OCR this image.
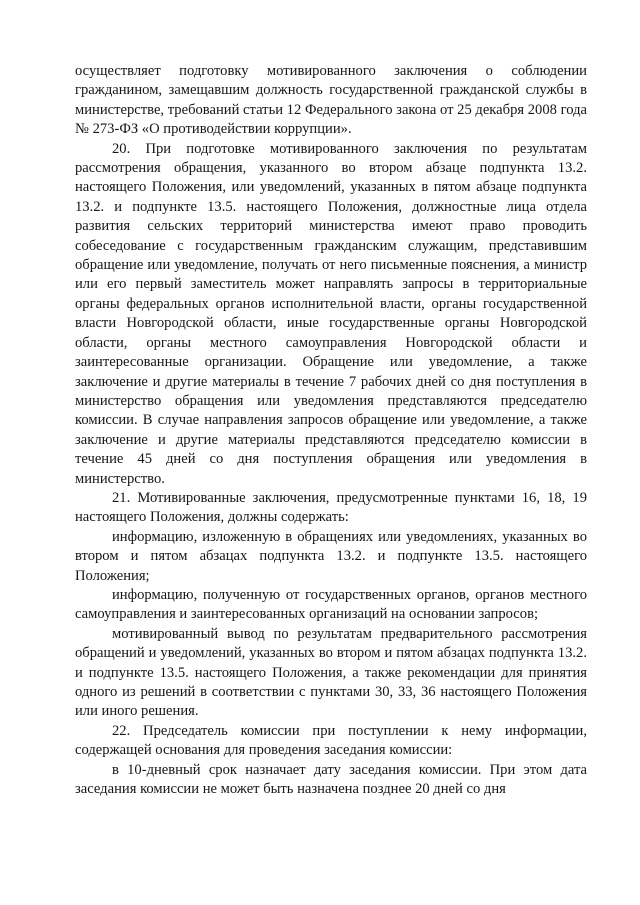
осуществляет подготовку мотивированного заключения о соблюдении гражданином, замещавшим должность государственной гражданской службы в министерстве, требований статьи 12 Федерального закона от 25 декабря 2008 года № 273-ФЗ «О противодействии коррупции».

20. При подготовке мотивированного заключения по результатам рассмотрения обращения, указанного во втором абзаце подпункта 13.2. настоящего Положения, или уведомлений, указанных в пятом абзаце подпункта 13.2. и подпункте 13.5. настоящего Положения, должностные лица отдела развития сельских территорий министерства имеют право проводить собеседование с государственным гражданским служащим, представившим обращение или уведомление, получать от него письменные пояснения, а министр или его первый заместитель может направлять запросы в территориальные органы федеральных органов исполнительной власти, органы государственной власти Новгородской области, иные государственные органы Новгородской области, органы местного самоуправления Новгородской области и заинтересованные организации. Обращение или уведомление, а также заключение и другие материалы в течение 7 рабочих дней со дня поступления в министерство обращения или уведомления представляются председателю комиссии. В случае направления запросов обращение или уведомление, а также заключение и другие материалы представляются председателю комиссии в течение 45 дней со дня поступления обращения или уведомления в министерство.

21. Мотивированные заключения, предусмотренные пунктами 16, 18, 19 настоящего Положения, должны содержать:

информацию, изложенную в обращениях или уведомлениях, указанных во втором и пятом абзацах подпункта 13.2. и подпункте 13.5. настоящего Положения;

информацию, полученную от государственных органов, органов местного самоуправления и заинтересованных организаций на основании запросов;

мотивированный вывод по результатам предварительного рассмотрения обращений и уведомлений, указанных во втором и пятом абзацах подпункта 13.2. и подпункте 13.5. настоящего Положения, а также рекомендации для принятия одного из решений в соответствии с пунктами 30, 33, 36 настоящего Положения или иного решения.

22. Председатель комиссии при поступлении к нему информации, содержащей основания для проведения заседания комиссии:

в 10-дневный срок назначает дату заседания комиссии. При этом дата заседания комиссии не может быть назначена позднее 20 дней со дня
